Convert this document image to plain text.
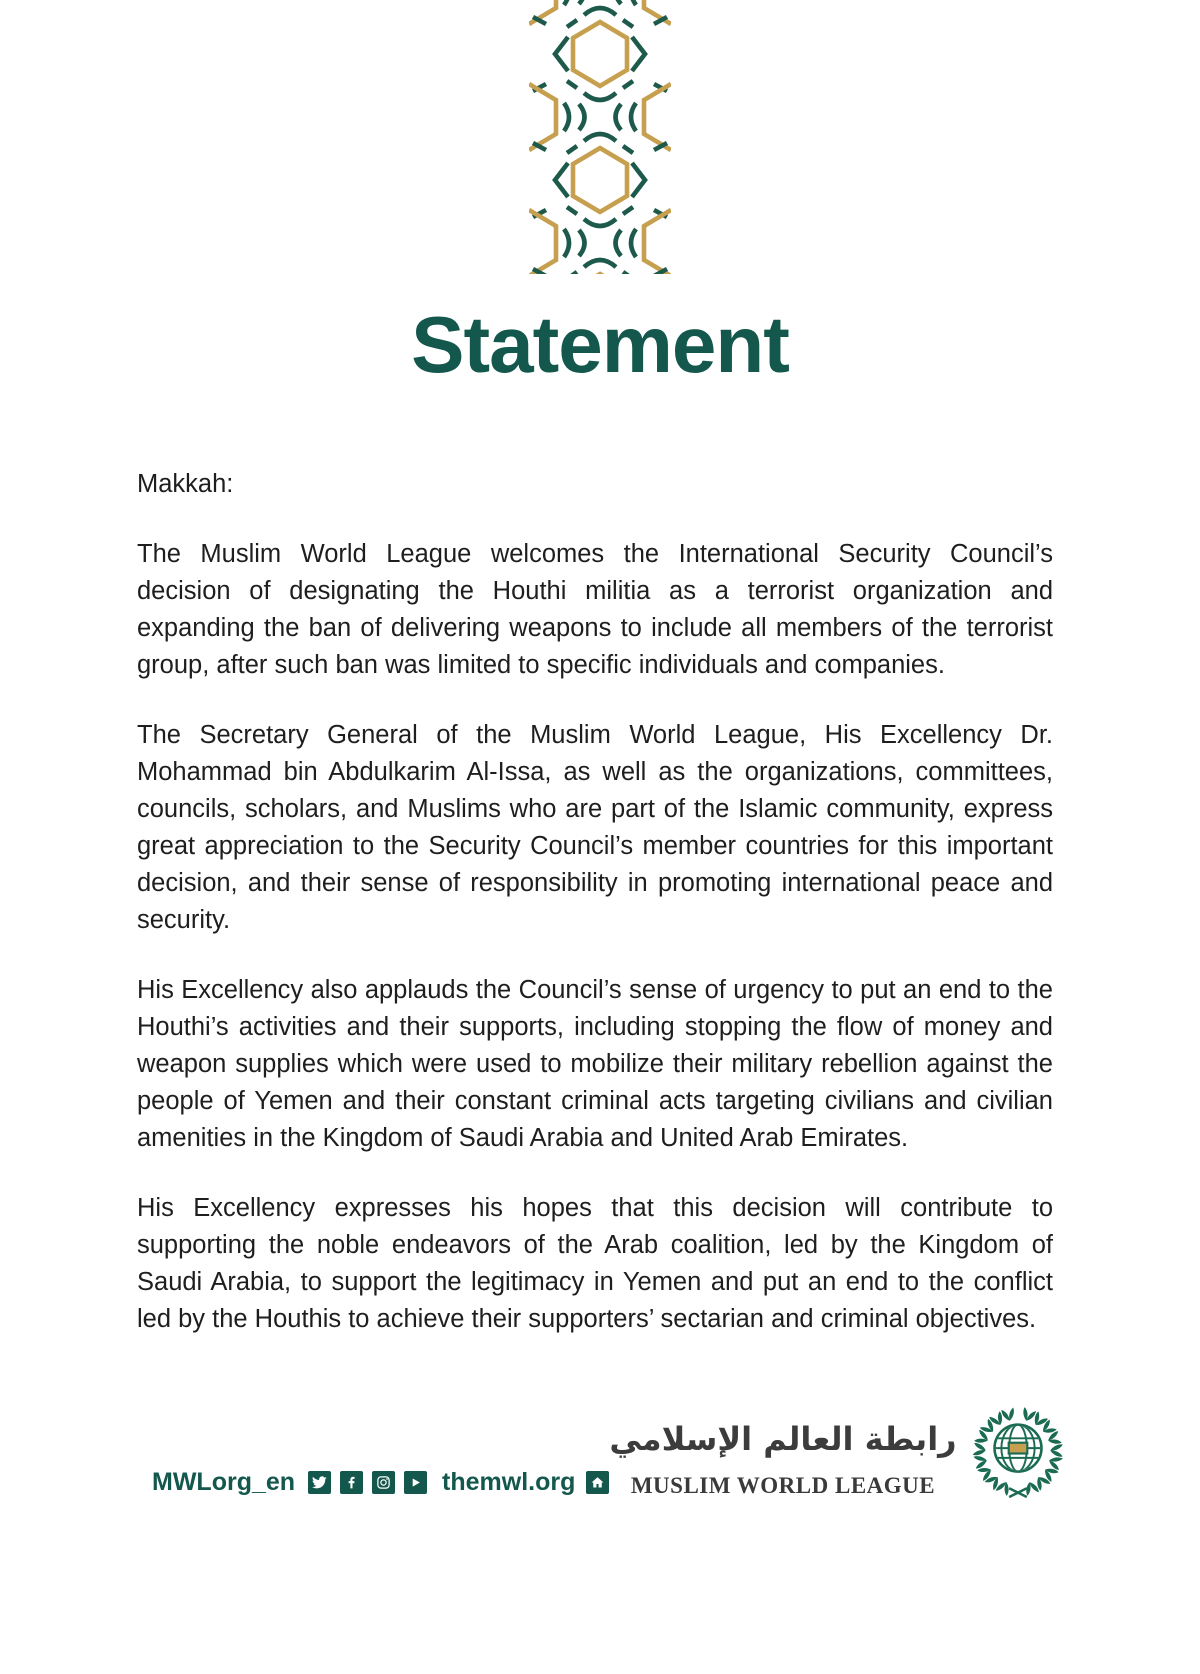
Statement

Makkah:

The Muslim World League welcomes the International Security Council’s decision of designating the Houthi militia as a terrorist organization and expanding the ban of delivering weapons to include all members of the terrorist group, after such ban was limited to specific individuals and companies.

The Secretary General of the Muslim World League, His Excellency Dr. Mohammad bin Abdulkarim Al-Issa, as well as the organizations, committees, councils, scholars, and Muslims who are part of the Islamic community, express great appreciation to the Security Council’s member countries for this important decision, and their sense of responsibility in promoting international peace and security.

His Excellency also applauds the Council’s sense of urgency to put an end to the Houthi’s activities and their supports, including stopping the flow of money and weapon supplies which were used to mobilize their military rebellion against the people of Yemen and their constant criminal acts targeting civilians and civilian amenities in the Kingdom of Saudi Arabia and United Arab Emirates.

His Excellency expresses his hopes that this decision will contribute to supporting the noble endeavors of the Arab coalition, led by the Kingdom of Saudi Arabia, to support the legitimacy in Yemen and put an end to the conflict led by the Houthis to achieve their supporters’ sectarian and criminal objectives.

MWLorg_en	themwl.org
رابطة العالم الإسلامي
MUSLIM WORLD LEAGUE
